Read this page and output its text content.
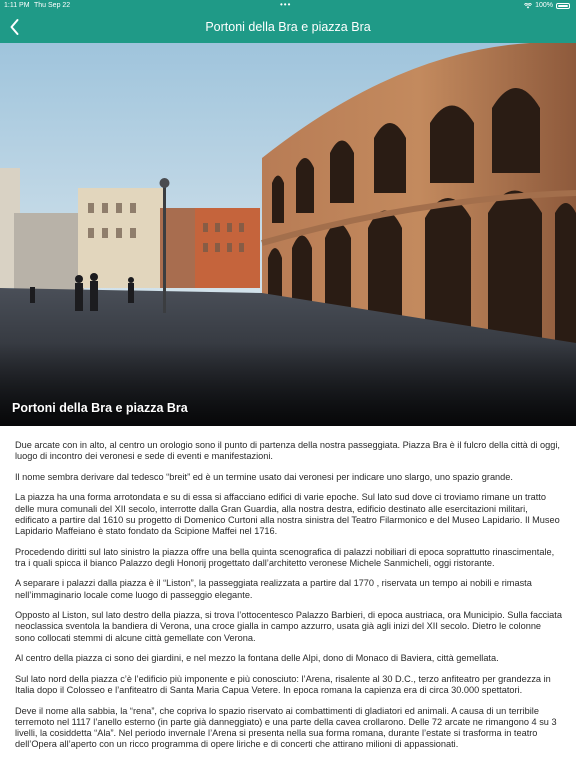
1:11 PM Thu Sep 22	•••	100%
Portoni della Bra e piazza Bra
Portoni della Bra e piazza Bra

Due arcate con in alto, al centro un orologio sono il punto di partenza della nostra passeggiata. Piazza Bra è il fulcro della città di oggi, luogo di incontro dei veronesi e sede di eventi e manifestazioni.

Il nome sembra derivare dal tedesco “breit” ed è un termine usato dai veronesi per indicare uno slargo, uno spazio grande.

La piazza ha una forma arrotondata e su di essa si affacciano edifici di varie epoche. Sul lato sud dove ci troviamo rimane un tratto delle mura comunali del XII secolo, interrotte dalla Gran Guardia, alla nostra destra, edificio destinato alle esercitazioni militari, edificato a partire dal 1610 su progetto di Domenico Curtoni alla nostra sinistra del Teatro Filarmonico e del Museo Lapidario. Il Museo Lapidario Maffeiano è stato fondato da Scipione Maffei nel 1716.

Procedendo diritti sul lato sinistro la piazza offre una bella quinta scenografica di palazzi nobiliari di epoca soprattutto rinascimentale, tra i quali spicca il bianco Palazzo degli Honorij progettato dall’architetto veronese Michele Sanmicheli, oggi ristorante.

A separare i palazzi dalla piazza è il “Liston”, la passeggiata realizzata a partire dal 1770 , riservata un tempo ai nobili e rimasta nell’immaginario locale come luogo di passeggio elegante.

Opposto al Liston, sul lato destro della piazza, si trova l’ottocentesco Palazzo Barbieri, di epoca austriaca, ora Municipio. Sulla facciata neoclassica sventola la bandiera di Verona, una croce gialla in campo azzurro, usata già agli inizi del XII secolo. Dietro le colonne sono collocati stemmi di alcune città gemellate con Verona.

Al centro della piazza ci sono dei giardini, e nel mezzo la fontana delle Alpi, dono di Monaco di Baviera, città gemellata.

Sul lato nord della piazza c’è l’edificio più imponente e più conosciuto: l’Arena, risalente al 30 D.C., terzo anfiteatro per grandezza in Italia dopo il Colosseo e l’anfiteatro di Santa Maria Capua Vetere. In epoca romana la capienza era di circa 30.000 spettatori.

Deve il nome alla sabbia, la “rena”, che copriva lo spazio riservato ai combattimenti di gladiatori ed animali. A causa di un terribile terremoto nel 1117 l’anello esterno (in parte già danneggiato) e una parte della cavea crollarono. Delle 72 arcate ne rimangono 4 su 3 livelli, la cosiddetta “Ala”. Nel periodo invernale l’Arena si presenta nella sua forma romana, durante l’estate si trasforma in teatro dell’Opera all’aperto con un ricco programma di opere liriche e di concerti che attirano milioni di appassionati.
